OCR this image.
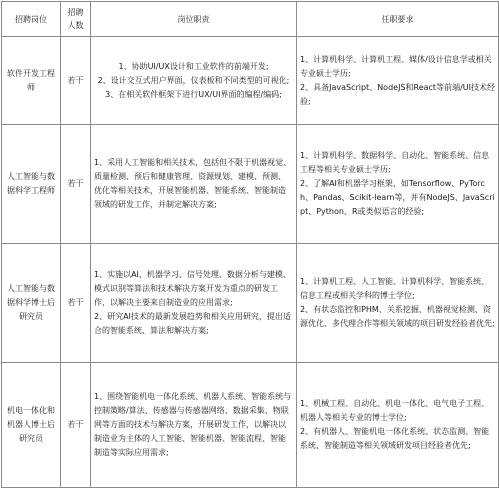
招聘岗位	招聘人数	岗位职责	任职要求
软件开发工程师	若干	1、协助UI/UX设计和工业软件的前端开发;
2、设计交互式用户界面，仪表板和不同类型的可视化;
3、在相关软件框架下进行UX/UI界面的编程/编码;	1、计算机科学、计算机工程、媒体/设计信息学或相关专业硕士学历;
2、具备JavaScript、NodeJS和React等前端/UI技术经验;

人工智能与数据科学工程师	若干	1、采用人工智能和相关技术，包括但不限于机器视觉、质量检测、预后和健康管理、资源规划、建模、预测、优化等相关技术，开展智能机器、智能系统、智能制造领域的研发工作，并制定解决方案;	1、计算机科学、数据科学、自动化、智能系统、信息工程等相关专业硕士学历;
2、了解AI和机器学习框架，如Tensorflow、PyTorch、Pandas、Scikit-learn等，并有NodeJS、JavaScript、Python、R或类似语言的经验;

人工智能与数据科学博士后研究员	若干	1、实施以AI、机器学习、信号处理、数据分析与建模、模式识别等算法和技术解决方案开发为重点的研发工作，以解决主要来自制造业的应用需求;
2、研究AI技术的最新发展趋势和相关应用研究，提出适合的智能系统、算法和解决方案;	1、计算机工程、人工智能、计算机科学、智能系统、信息工程或相关学科的博士学位;
2、有状态监控和PHM、关系挖掘、机器视觉检测、资源优化、多代理合作等相关领域的项目研发经验者优先;

机电一体化和机器人博士后研究员	若干	1、围绕智能机电一体化系统、机器人系统、智能系统与控制策略/算法、传感器与传感器网络、数据采集、物联网等方面的技术与解决方案，开展研发工作，以解决以制造业为主体的人工智能、智能机器、智能流程、智能制造等实际应用需求;	1、机械工程、自动化、机电一体化、电气电子工程、机器人等相关专业的博士学位;
2、有机器人、智能机电一体化系统、状态监测、智能系统、智能制造等相关领域研发项目经验者优先;
